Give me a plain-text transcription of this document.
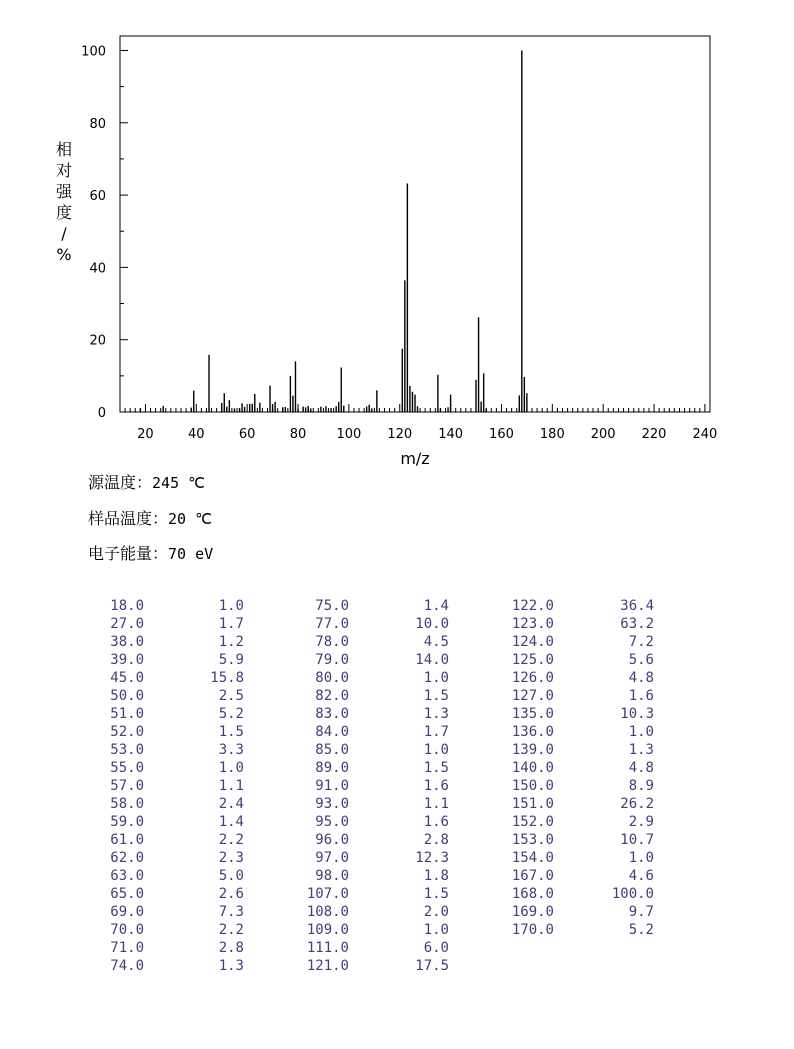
20	40	60	80 100 120 140 160 180 200 220 240
0
20
40
60
80
100
m/z
相对强度/ %
源温度：245 ℃
样品温度：20 ℃
电子能量：70 eV
18.0	1.0
27.0	1.7
38.0	1.2
39.0	5.9
45.0	15.8
50.0	2.5
51.0	5.2
52.0	1.5
53.0	3.3
55.0	1.0
57.0	1.1
58.0	2.4
59.0	1.4
61.0	2.2
62.0	2.3
63.0	5.0
65.0	2.6
69.0	7.3
70.0	2.2
71.0	2.8
74.0	1.3
75.0	1.4
77.0	10.0
78.0	4.5
79.0	14.0
80.0	1.0
82.0	1.5
83.0	1.3
84.0	1.7
85.0	1.0
89.0	1.5
91.0	1.6
93.0	1.1
95.0	1.6
96.0	2.8
97.0	12.3
98.0	1.8
107.0	1.5
108.0	2.0
109.0	1.0
111.0	6.0
121.0	17.5
122.0	36.4
123.0	63.2
124.0	7.2
125.0	5.6
126.0	4.8
127.0	1.6
135.0	10.3
136.0	1.0
139.0	1.3
140.0	4.8
150.0	8.9
151.0	26.2
152.0	2.9
153.0	10.7
154.0	1.0
167.0	4.6
168.0	100.0
169.0	9.7
170.0	5.2
